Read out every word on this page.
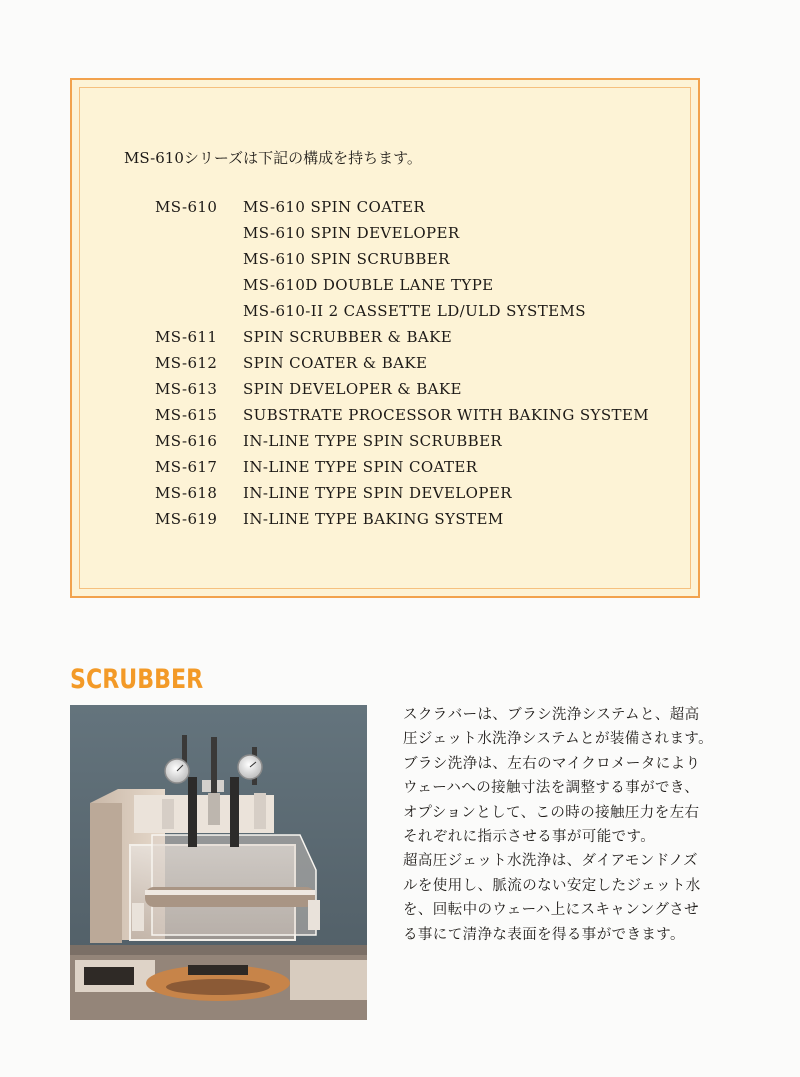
MS-610シリーズは下記の構成を持ちます。
MS-610 MS-610 SPIN COATER
MS-610 SPIN DEVELOPER
MS-610 SPIN SCRUBBER
MS-610D DOUBLE LANE TYPE
MS-610-II 2 CASSETTE LD/ULD SYSTEMS
MS-611 SPIN SCRUBBER & BAKE
MS-612 SPIN COATER & BAKE
MS-613 SPIN DEVELOPER & BAKE
MS-615 SUBSTRATE PROCESSOR WITH BAKING SYSTEM
MS-616 IN-LINE TYPE SPIN SCRUBBER
MS-617 IN-LINE TYPE SPIN COATER
MS-618 IN-LINE TYPE SPIN DEVELOPER
MS-619 IN-LINE TYPE BAKING SYSTEM
SCRUBBER

スクラバーは、ブラシ洗浄システムと、超高
圧ジェット水洗浄システムとが装備されます。
ブラシ洗浄は、左右のマイクロメータにより
ウェーハへの接触寸法を調整する事ができ、
オプションとして、この時の接触圧力を左右
それぞれに指示させる事が可能です。
超高圧ジェット水洗浄は、ダイアモンドノズ
ルを使用し、脈流のない安定したジェット水
を、回転中のウェーハ上にスキャンングさせ
る事にて清浄な表面を得る事ができます。
